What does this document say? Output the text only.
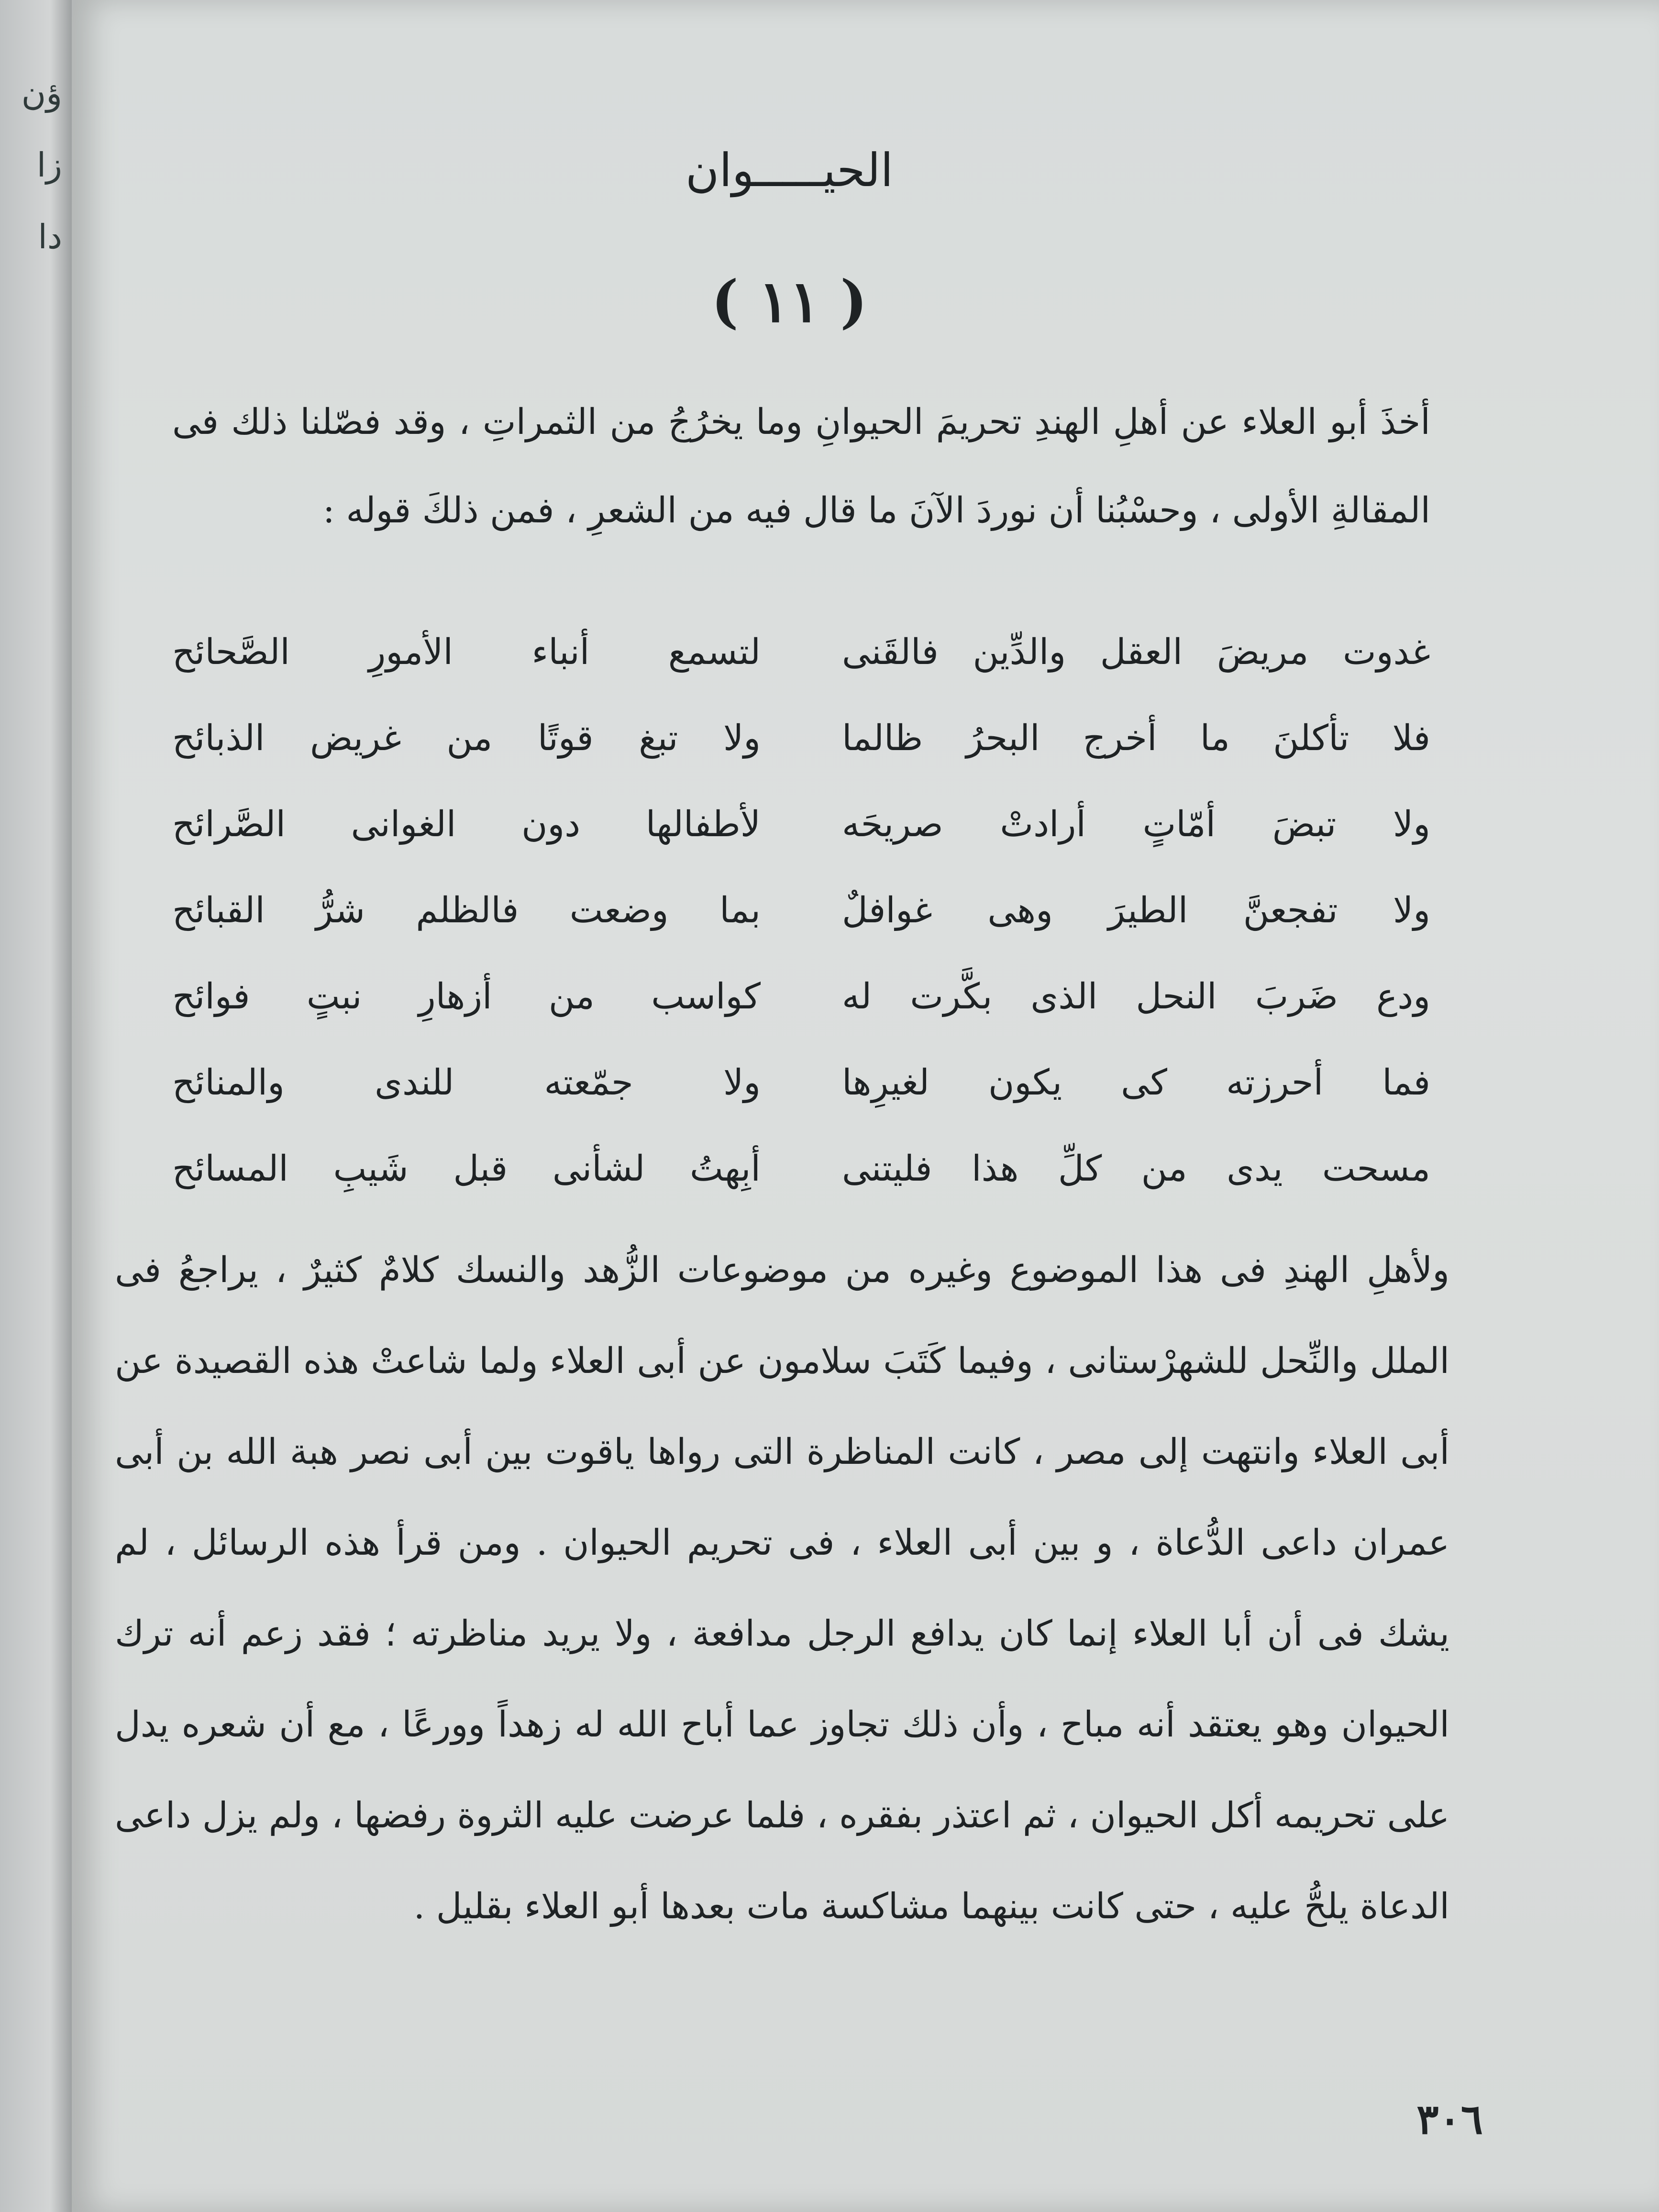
ؤن
زا
دا
الحيـــــوان
( ١١ )
أخذَ أبو العلاء عن أهلِ الهندِ تحريمَ الحيوانِ وما يخرُجُ من الثمراتِ ، وقد فصّلنا ذلك فى المقالةِ الأولى ، وحسْبُنا أن نوردَ الآنَ ما قال فيه من الشعرِ ، فمن ذلكَ قوله :
غدوت مريضَ العقل والدِّين فالقَنى
لتسمع أنباء الأمورِ الصَّحائح
فلا تأكلنَ ما أخرج البحرُ ظالما
ولا تبغ قوتًا من غريض الذبائح
ولا تبضَ أمّاتٍ أرادتْ صريحَه
لأطفالها دون الغوانى الصَّرائح
ولا تفجعنَّ الطيرَ وهى غوافلٌ
بما وضعت فالظلم شرُّ القبائح
ودع ضَربَ النحل الذى بكَّرت له
كواسب من أزهارِ نبتٍ فوائح
فما أحرزته كى يكون لغيرِها
ولا جمّعته للندى والمنائح
مسحت يدى من كلِّ هذا فليتنى
أبِهتُ لشأنى قبل شَيبِ المسائح
ولأهلِ الهندِ فى هذا الموضوع وغيره من موضوعات الزُّهد والنسك كلامٌ كثيرٌ ، يراجعُ فى الملل والنِّحل للشهرْستانى ، وفيما كَتَبَ سلامون عن أبى العلاء ولما شاعتْ هذه القصيدة عن أبى العلاء وانتهت إلى مصر ، كانت المناظرة التى رواها ياقوت بين أبى نصر هبة الله بن أبى عمران داعى الدُّعاة ، و بين أبى العلاء ، فى تحريم الحيوان . ومن قرأ هذه الرسائل ، لم يشك فى أن أبا العلاء إنما كان يدافع الرجل مدافعة ، ولا يريد مناظرته ؛ فقد زعم أنه ترك الحيوان وهو يعتقد أنه مباح ، وأن ذلك تجاوز عما أباح الله له زهداً وورعًا ، مع أن شعره يدل على تحريمه أكل الحيوان ، ثم اعتذر بفقره ، فلما عرضت عليه الثروة رفضها ، ولم يزل داعى الدعاة يلحُّ عليه ، حتى كانت بينهما مشاكسة مات بعدها أبو العلاء بقليل .
٣٠٦
